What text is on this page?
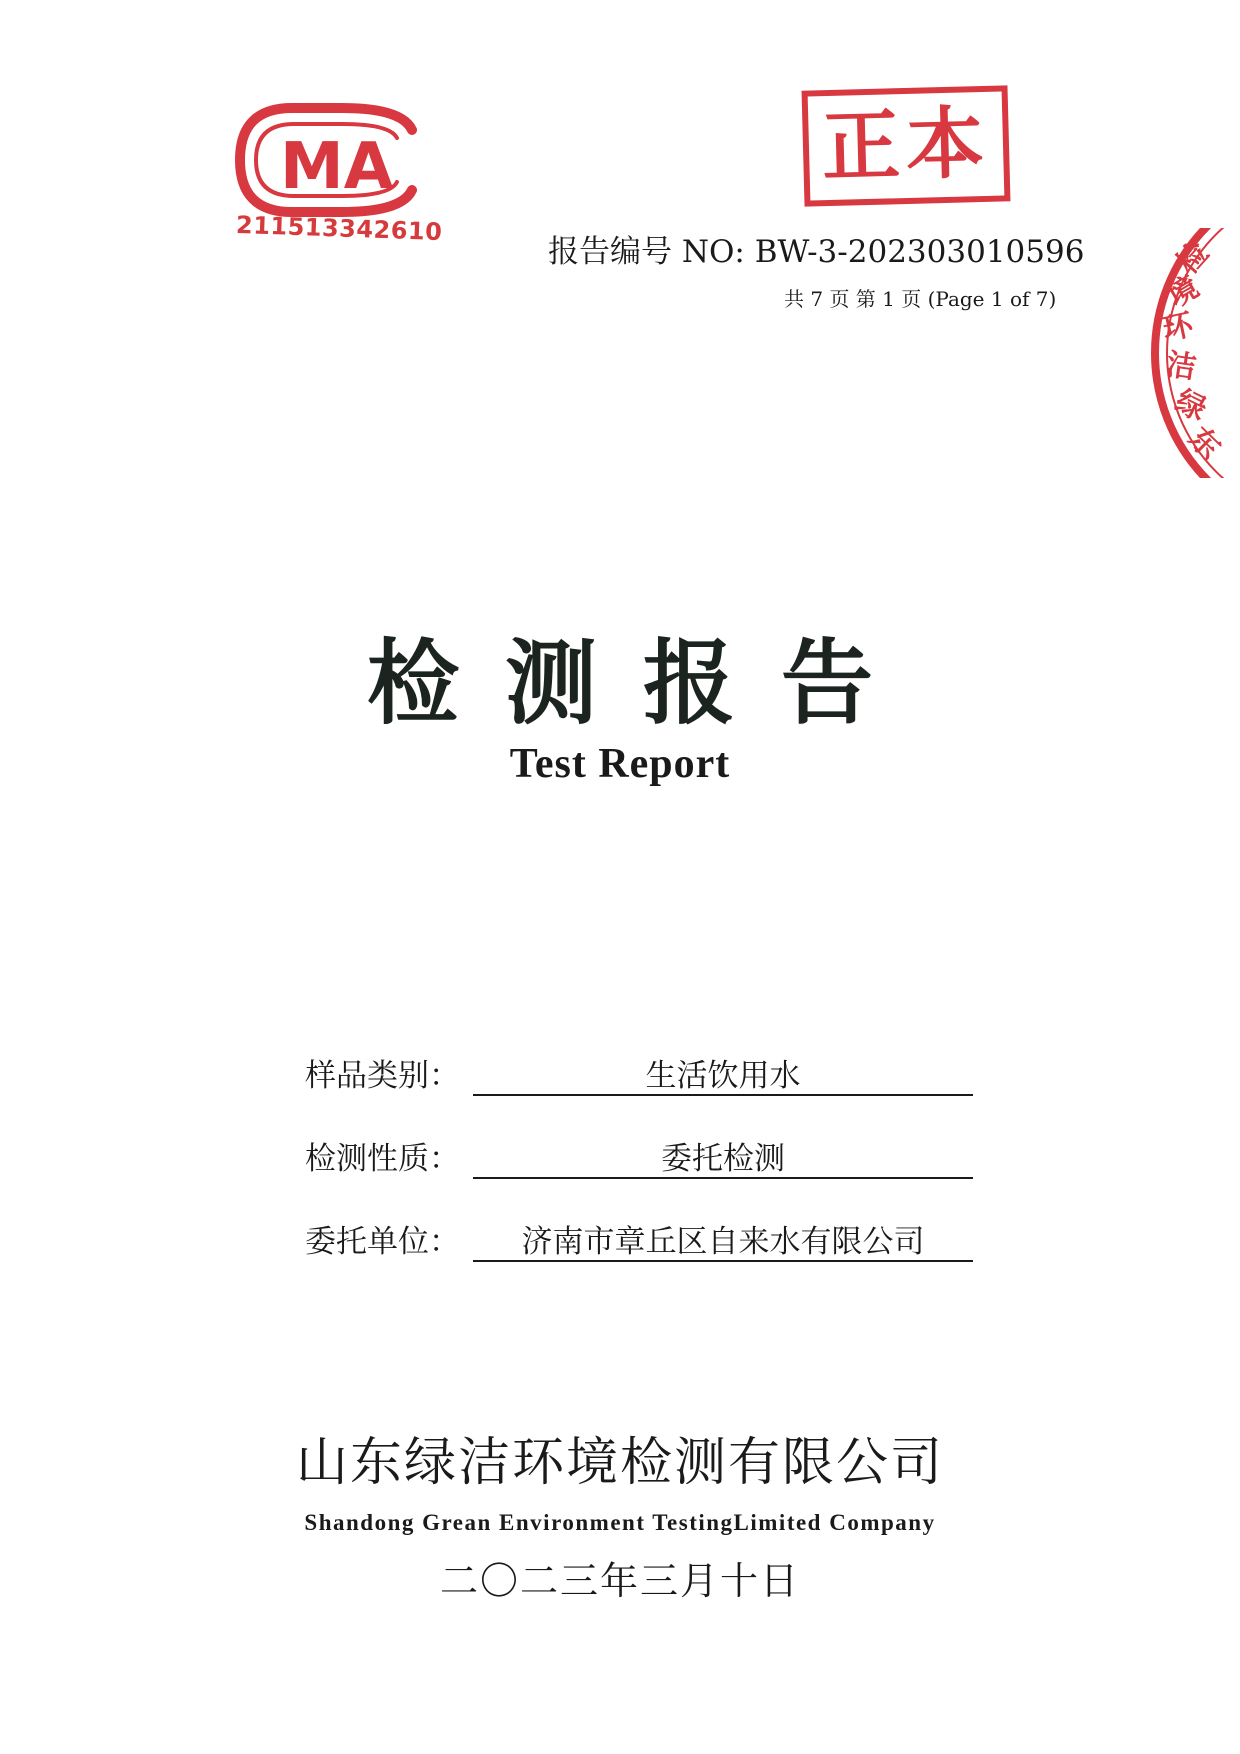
MA
211513342610
正本
检
境
环
洁
绿
东
报告编号 NO: BW-3-202303010596
共 7 页 第 1 页 (Page 1 of 7)
检测报告
Test Report
样品类别：	生活饮用水
检测性质：	委托检测
委托单位：	济南市章丘区自来水有限公司
山东绿洁环境检测有限公司
Shandong Grean Environment TestingLimited Company
二〇二三年三月十日
